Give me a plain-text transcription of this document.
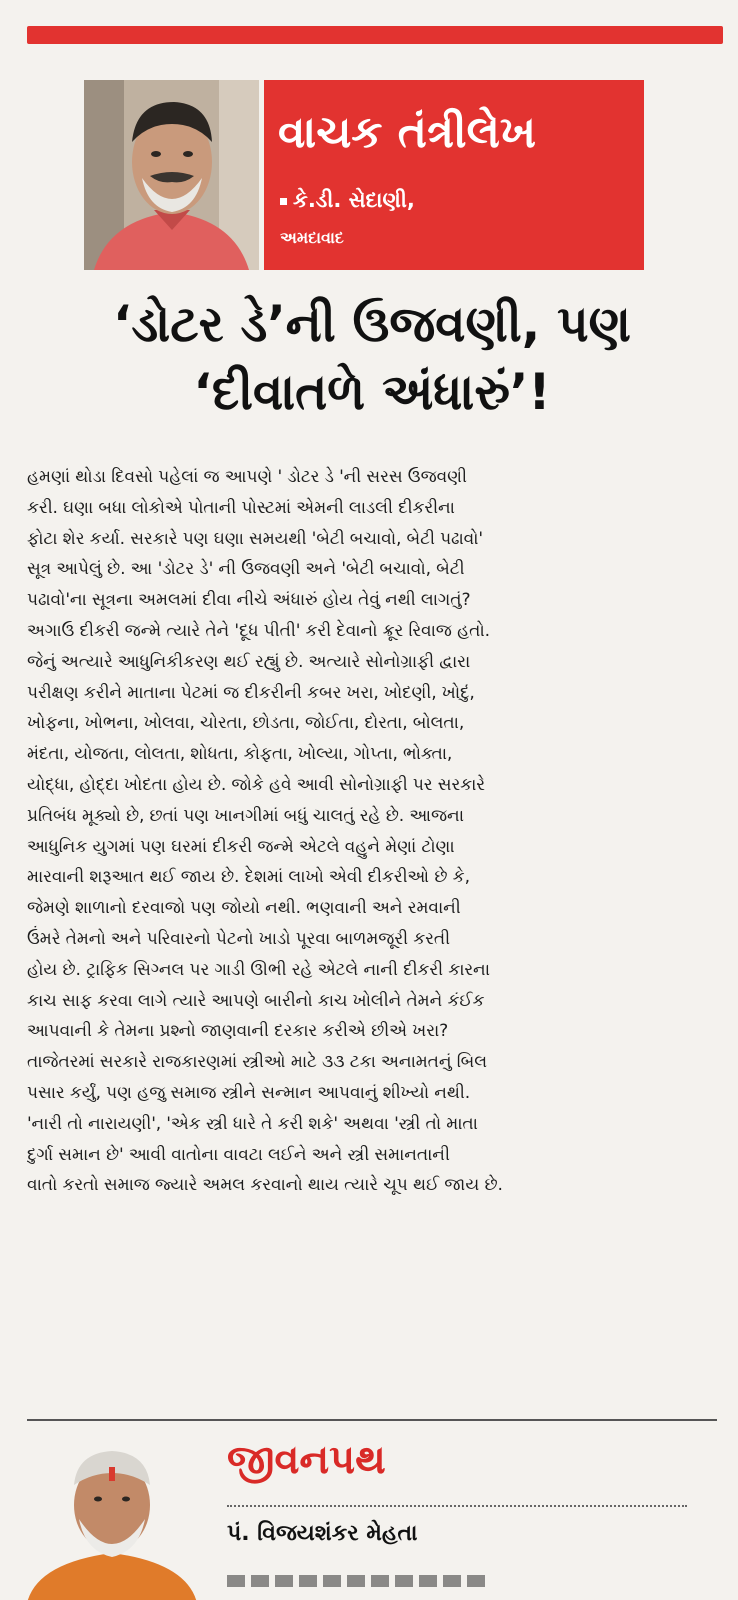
વાચક તંત્રીલેખ
કે.ડી. સેદાણી,
અમદાવાદ
‘ડોટર ડે’ની ઉજવણી, પણ
‘દીવાતળે અંધારું’!
હમણાં થોડા દિવસો પહેલાં જ આપણે ' ડોટર ડે 'ની સરસ ઉજવણી
કરી. ઘણા બધા લોકોએ પોતાની પોસ્ટમાં એમની લાડલી દીકરીના
ફોટા શેર કર્યા. સરકારે પણ ઘણા સમયથી 'બેટી બચાવો, બેટી પઢાવો'
સૂત્ર આપેલું છે. આ 'ડોટર ડે' ની ઉજવણી અને 'બેટી બચાવો, બેટી
પઢાવો'ના સૂત્રના અમલમાં દીવા નીચે અંધારું હોય તેવું નથી લાગતું?
અગાઉ દીકરી જન્મે ત્યારે તેને 'દૂધ પીતી' કરી દેવાનો ક્રૂર રિવાજ હતો.
જેનું અત્યારે આધુનિકીકરણ થઈ રહ્યું છે. અત્યારે સોનોગ્રાફી દ્વારા
પરીક્ષણ કરીને માતાના પેટમાં જ દીકરીની કબર ખરા, ખોદણી, ખોદું,
ખોફના, ખોભના, ખોલવા, ચોરતા, છોડતા, જોઈતા, દોરતા, બોલતા,
મંદતા, યોજતા, લોલતા, શોધતા, કોફતા, ખોલ્યા, ગોપ્તા, ભોક્તા,
યોદ્ધા, હોદ્દા ખોદતા હોય છે. જોકે હવે આવી સોનોગ્રાફી પર સરકારે
પ્રતિબંધ મૂક્યો છે, છતાં પણ ખાનગીમાં બધું ચાલતું રહે છે. આજના
આધુનિક યુગમાં પણ ઘરમાં દીકરી જન્મે એટલે વહુને મેણાં ટોણા
મારવાની શરૂઆત થઈ જાય છે. દેશમાં લાખો એવી દીકરીઓ છે કે,
જેમણે શાળાનો દરવાજો પણ જોયો નથી. ભણવાની અને રમવાની
ઉંમરે તેમનો અને પરિવારનો પેટનો ખાડો પૂરવા બાળમજૂરી કરતી
હોય છે. ટ્રાફિક સિગ્નલ પર ગાડી ઊભી રહે એટલે નાની દીકરી કારના
કાચ સાફ કરવા લાગે ત્યારે આપણે બારીનો કાચ ખોલીને તેમને કંઈક
આપવાની કે તેમના પ્રશ્નો જાણવાની દરકાર કરીએ છીએ ખરા?
તાજેતરમાં સરકારે રાજકારણમાં સ્ત્રીઓ માટે ૩૩ ટકા અનામતનું બિલ
પસાર કર્યું, પણ હજુ સમાજ સ્ત્રીને સન્માન આપવાનું શીખ્યો નથી.
'નારી તો નારાયણી', 'એક સ્ત્રી ધારે તે કરી શકે' અથવા 'સ્ત્રી તો માતા
દુર્ગા સમાન છે' આવી વાતોના વાવટા લઈને અને સ્ત્રી સમાનતાની
વાતો કરતો સમાજ જ્યારે અમલ કરવાનો થાય ત્યારે ચૂપ થઈ જાય છે.
જીવનપથ
પં. વિજયશંકર મેહતા
